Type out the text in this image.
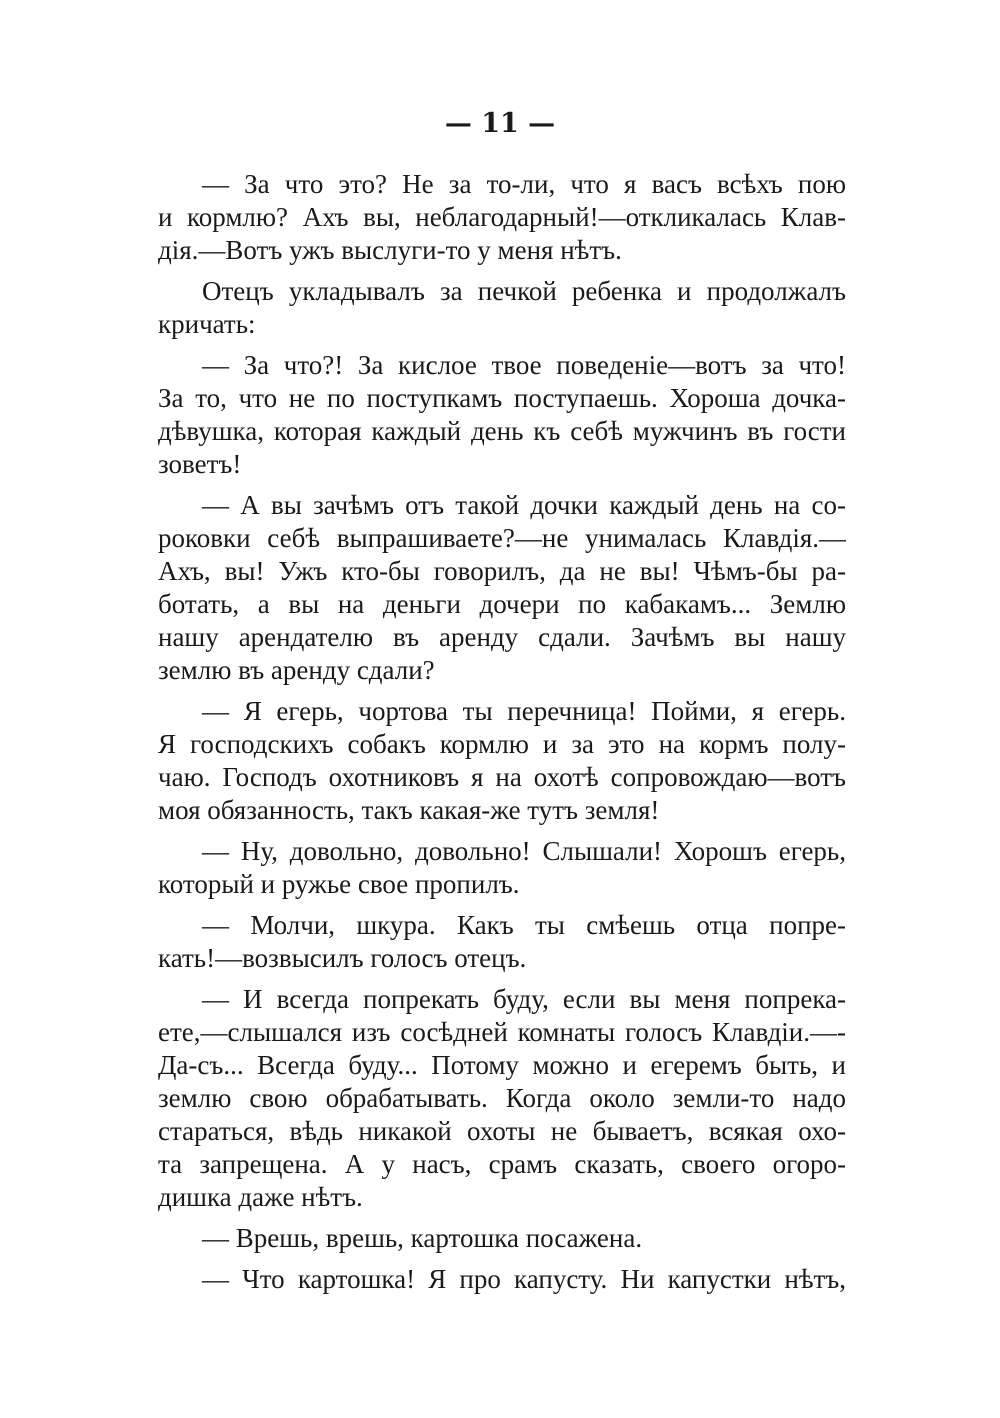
— 11 —
— За что это? Не за то-ли, что я васъ всѣхъ пою
и кормлю? Ахъ вы, неблагодарный!—откликалась Клав-
дія.—Вотъ ужъ выслуги-то у меня нѣтъ.
Отецъ укладывалъ за печкой ребенка и продолжалъ
кричать:
— За что?! За кислое твое поведеніе—вотъ за что!
За то, что не по поступкамъ поступаешь. Хороша дочка-
дѣвушка, которая каждый день къ себѣ мужчинъ въ гости
зоветъ!
— А вы зачѣмъ отъ такой дочки каждый день на со-
роковки себѣ выпрашиваете?—не унималась Клавдія.—
Ахъ, вы! Ужъ кто-бы говорилъ, да не вы! Чѣмъ-бы ра-
ботать, а вы на деньги дочери по кабакамъ... Землю
нашу арендателю въ аренду сдали. Зачѣмъ вы нашу
землю въ аренду сдали?
— Я егерь, чортова ты перечница! Пойми, я егерь.
Я господскихъ собакъ кормлю и за это на кормъ полу-
чаю. Господъ охотниковъ я на охотѣ сопровождаю—вотъ
моя обязанность, такъ какая-же тутъ земля!
— Ну, довольно, довольно! Слышали! Хорошъ егерь,
который и ружье свое пропилъ.
— Молчи, шкура. Какъ ты смѣешь отца попре-
кать!—возвысилъ голосъ отецъ.
— И всегда попрекать буду, если вы меня попрека-
ете,—слышался изъ сосѣдней комнаты голосъ Клавдіи.—-
Да-съ... Всегда буду... Потому можно и егеремъ быть, и
землю свою обрабатывать. Когда около земли-то надо
стараться, вѣдь никакой охоты не бываетъ, всякая охо-
та запрещена. А у насъ, срамъ сказать, своего огоро-
дишка даже нѣтъ.
— Врешь, врешь, картошка посажена.
— Что картошка! Я про капусту. Ни капустки нѣтъ,
